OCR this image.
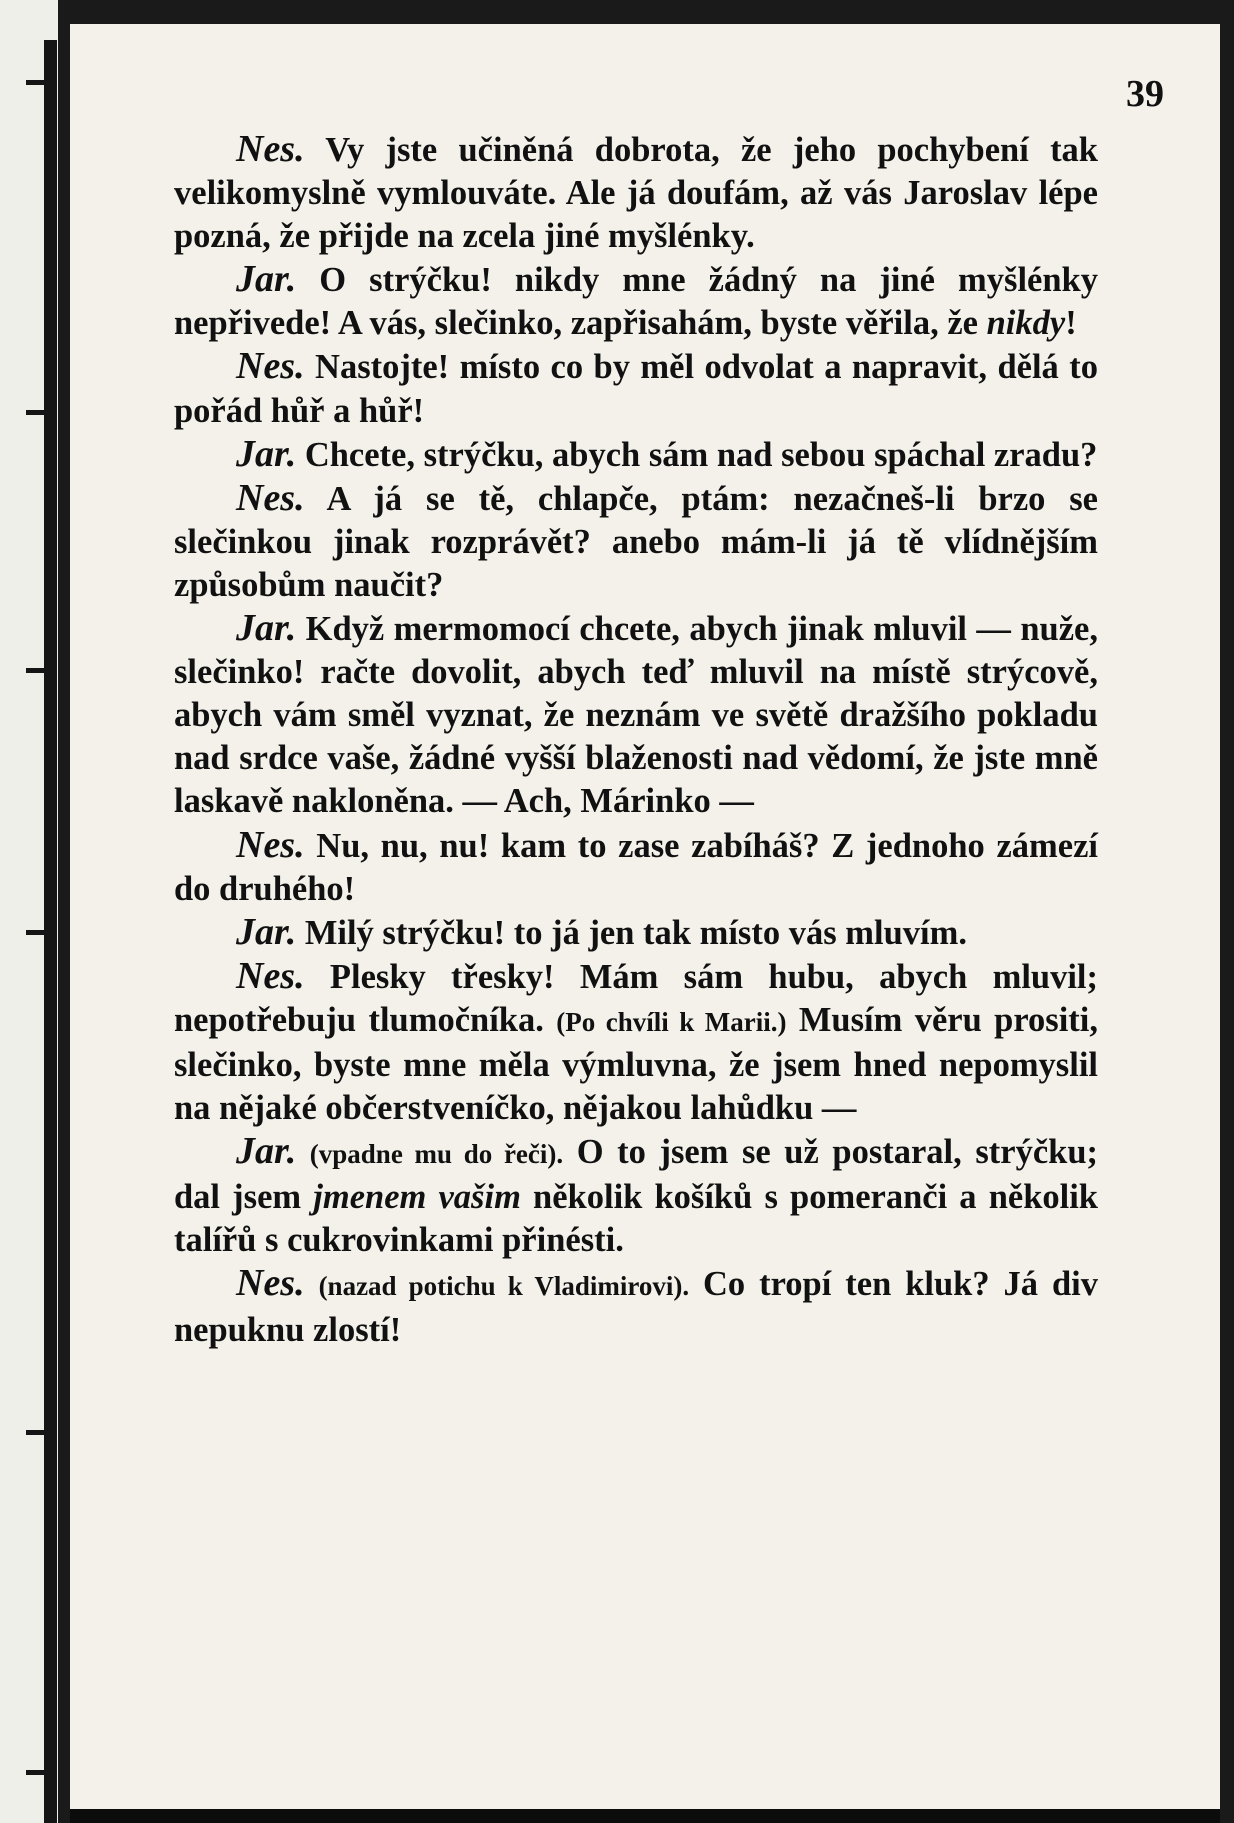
39
Nes. Vy jste učiněná dobrota, že jeho pochybení tak velikomyslně vymlouváte. Ale já doufám, až vás Jaroslav lépe pozná, že přijde na zcela jiné myšlénky.
Jar. O strýčku! nikdy mne žádný na jiné myšlénky nepřivede! A vás, slečinko, zapřisahám, byste věřila, že nikdy!
Nes. Nastojte! místo co by měl odvolat a napravit, dělá to pořád hůř a hůř!
Jar. Chcete, strýčku, abych sám nad sebou spáchal zradu?
Nes. A já se tě, chlapče, ptám: nezačneš-li brzo se slečinkou jinak rozprávět? anebo mám-li já tě vlídnějším způsobům naučit?
Jar. Když mermomocí chcete, abych jinak mluvil — nuže, slečinko! račte dovolit, abych teď mluvil na místě strýcově, abych vám směl vyznat, že neznám ve světě dražšího pokladu nad srdce vaše, žádné vyšší blaženosti nad vědomí, že jste mně laskavě nakloněna. — Ach, Márinko —
Nes. Nu, nu, nu! kam to zase zabíháš? Z jednoho zámezí do druhého!
Jar. Milý strýčku! to já jen tak místo vás mluvím.
Nes. Plesky třesky! Mám sám hubu, abych mluvil; nepotřebuju tlumočníka. (Po chvíli k Marii.) Musím věru prositi, slečinko, byste mne měla výmluvna, že jsem hned nepomyslil na nějaké občerstveníčko, nějakou lahůdku —
Jar. (vpadne mu do řeči). O to jsem se už postaral, strýčku; dal jsem jmenem vašim několik košíků s pomeranči a několik talířů s cukrovinkami přinésti.
Nes. (nazad potichu k Vladimirovi). Co tropí ten kluk? Já div nepuknu zlostí!
